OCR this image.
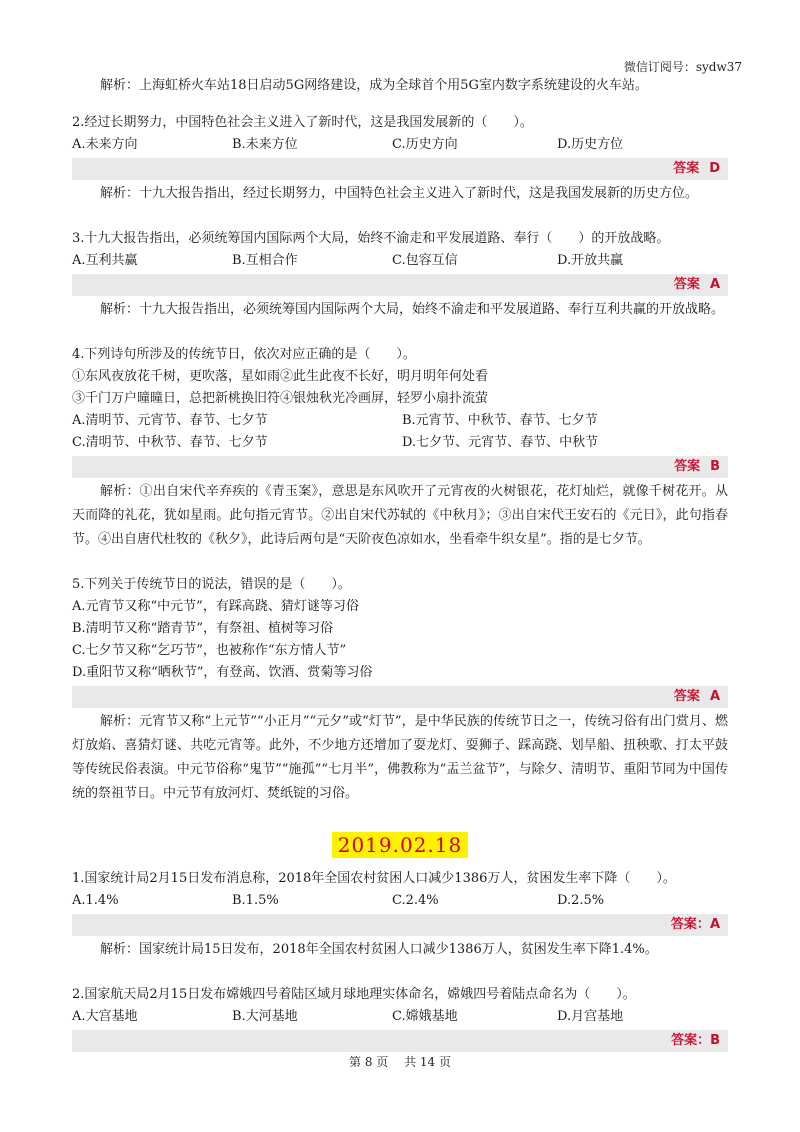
微信订阅号：sydw37

解析：上海虹桥火车站18日启动5G网络建设，成为全球首个用5G室内数字系统建设的火车站。

2.经过长期努力，中国特色社会主义进入了新时代，这是我国发展新的（　　）。

A.未来方向	B.未来方位	C.历史方向	D.历史方位
答案 D

解析：十九大报告指出，经过长期努力，中国特色社会主义进入了新时代，这是我国发展新的历史方位。

3.十九大报告指出，必须统筹国内国际两个大局，始终不渝走和平发展道路、奉行（　　）的开放战略。

A.互利共赢	B.互相合作	C.包容互信	D.开放共赢
答案 A

解析：十九大报告指出，必须统筹国内国际两个大局，始终不渝走和平发展道路、奉行互利共赢的开放战略。

4.下列诗句所涉及的传统节日，依次对应正确的是（　　）。

①东风夜放花千树，更吹落，星如雨②此生此夜不长好，明月明年何处看

③千门万户曈曈日，总把新桃换旧符④银烛秋光冷画屏，轻罗小扇扑流萤

A.清明节、元宵节、春节、七夕节	B.元宵节、中秋节、春节、七夕节
C.清明节、中秋节、春节、七夕节	D.七夕节、元宵节、春节、中秋节
答案 B

解析：①出自宋代辛弃疾的《青玉案》，意思是东风吹开了元宵夜的火树银花，花灯灿烂，就像千树花开。从天而降的礼花，犹如星雨。此句指元宵节。②出自宋代苏轼的《中秋月》；③出自宋代王安石的《元日》，此句指春节。④出自唐代杜牧的《秋夕》，此诗后两句是“天阶夜色凉如水，坐看牵牛织女星”。指的是七夕节。

5.下列关于传统节日的说法，错误的是（　　）。

A.元宵节又称“中元节”，有踩高跷、猜灯谜等习俗
B.清明节又称“踏青节”，有祭祖、植树等习俗
C.七夕节又称“乞巧节”，也被称作“东方情人节”
D.重阳节又称“晒秋节”，有登高、饮酒、赏菊等习俗
答案 A

解析：元宵节又称“上元节”“小正月”“元夕”或“灯节”，是中华民族的传统节日之一，传统习俗有出门赏月、燃灯放焰、喜猜灯谜、共吃元宵等。此外，不少地方还增加了耍龙灯、耍狮子、踩高跷、划旱船、扭秧歌、打太平鼓等传统民俗表演。中元节俗称“鬼节”“施孤”“七月半”，佛教称为“盂兰盆节”，与除夕、清明节、重阳节同为中国传统的祭祖节日。中元节有放河灯、焚纸锭的习俗。

2019.02.18

1.国家统计局2月15日发布消息称，2018年全国农村贫困人口减少1386万人，贫困发生率下降（　　）。

A.1.4%	B.1.5%	C.2.4%	D.2.5%
答案： A

解析：国家统计局15日发布，2018年全国农村贫困人口减少1386万人，贫困发生率下降1.4%。

2.国家航天局2月15日发布嫦娥四号着陆区域月球地理实体命名，嫦娥四号着陆点命名为（　　）。

A.大宫基地	B.大河基地	C.嫦娥基地	D.月宫基地
答案： B
第 8 页 共 14 页
